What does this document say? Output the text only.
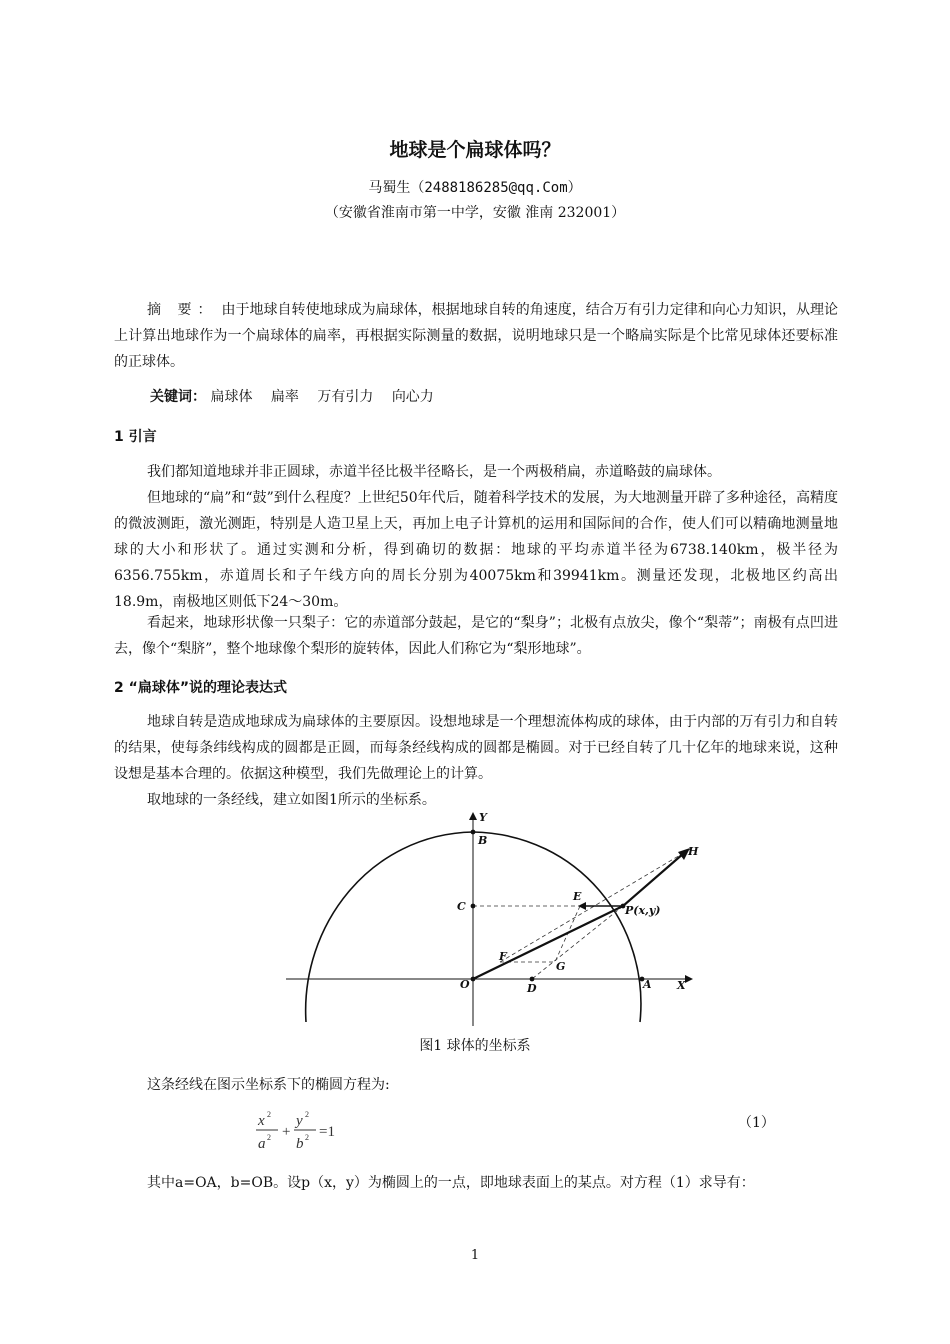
地球是个扁球体吗？
马蜀生（2488186285@qq.Com）
（安徽省淮南市第一中学，安徽 淮南 232001）

摘 要： 由于地球自转使地球成为扁球体，根据地球自转的角速度，结合万有引力定律和向心力知识，从理论上计算出地球作为一个扁球体的扁率，再根据实际测量的数据，说明地球只是一个略扁实际是个比常见球体还要标准的正球体。

关键词： 扁球体 扁率 万有引力 向心力
1 引言

我们都知道地球并非正圆球，赤道半径比极半径略长，是一个两极稍扁，赤道略鼓的扁球体。

但地球的“扁”和“鼓”到什么程度？上世纪50年代后，随着科学技术的发展，为大地测量开辟了多种途径，高精度的微波测距，激光测距，特别是人造卫星上天，再加上电子计算机的运用和国际间的合作，使人们可以精确地测量地球的大小和形状了。通过实测和分析，得到确切的数据：地球的平均赤道半径为6738.140km，极半径为6356.755km，赤道周长和子午线方向的周长分别为40075km和39941km。测量还发现，北极地区约高出18.9m，南极地区则低下24～30m。

看起来，地球形状像一只梨子：它的赤道部分鼓起，是它的“梨身”；北极有点放尖，像个“梨蒂”；南极有点凹进去，像个“梨脐”，整个地球像个梨形的旋转体，因此人们称它为“梨形地球”。

2 “扁球体”说的理论表达式

地球自转是造成地球成为扁球体的主要原因。设想地球是一个理想流体构成的球体，由于内部的万有引力和自转的结果，使每条纬线构成的圆都是正圆，而每条经线构成的圆都是椭圆。对于已经自转了几十亿年的地球来说，这种设想是基本合理的。依据这种模型，我们先做理论上的计算。

取地球的一条经线，建立如图1所示的坐标系。

Y
B
C
E
P(x,y)
H
F
G
O	D	A X
图1 球体的坐标系

这条经线在图示坐标系下的椭圆方程为:

x 2
a 2 +
y 2
b 2 =1
（1）

其中a=OA，b=OB。设p（x，y）为椭圆上的一点，即地球表面上的某点。对方程（1）求导有：

1
